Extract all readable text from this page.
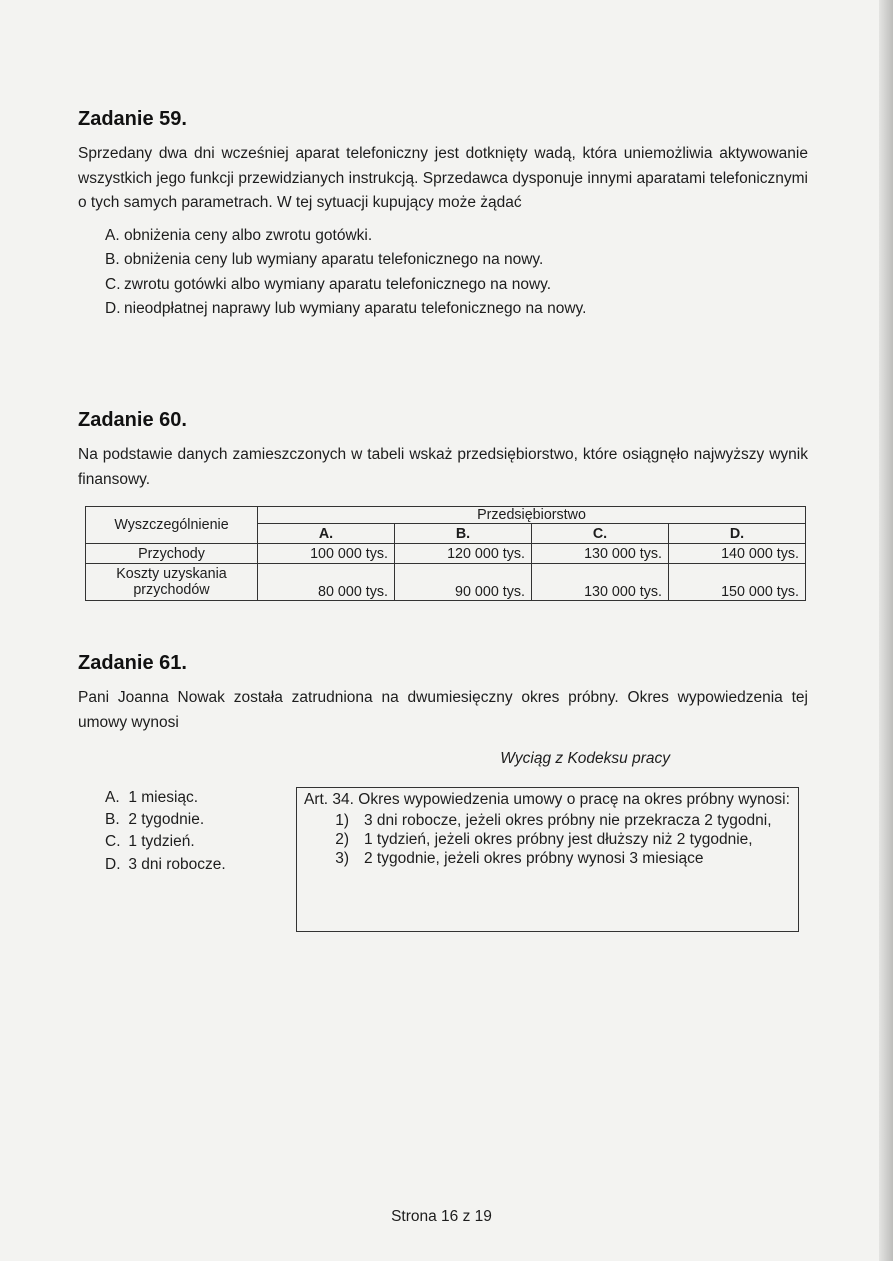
Zadanie 59.

Sprzedany dwa dni wcześniej aparat telefoniczny jest dotknięty wadą, która uniemożliwia aktywowanie wszystkich jego funkcji przewidzianych instrukcją. Sprzedawca dysponuje innymi aparatami telefonicznymi o tych samych parametrach. W tej sytuacji kupujący może żądać

A. obniżenia ceny albo zwrotu gotówki.
B. obniżenia ceny lub wymiany aparatu telefonicznego na nowy.
C. zwrotu gotówki albo wymiany aparatu telefonicznego na nowy.
D. nieodpłatnej naprawy lub wymiany aparatu telefonicznego na nowy.
Zadanie 60.

Na podstawie danych zamieszczonych w tabeli wskaż przedsiębiorstwo, które osiągnęło najwyższy wynik finansowy.

Wyszczególnienie	Przedsiębiorstwo			
	A.	B.	C.	D.
Przychody	100 000 tys.	120 000 tys.	130 000 tys.	140 000 tys.
Koszty uzyskania przychodów	80 000 tys.	90 000 tys.	130 000 tys.	150 000 tys.
Zadanie 61.

Pani Joanna Nowak została zatrudniona na dwumiesięczny okres próbny. Okres wypowiedzenia tej umowy wynosi

Wyciąg z Kodeksu pracy
A. 1 miesiąc.
B. 2 tygodnie.
C. 1 tydzień.
D. 3 dni robocze.

Art. 34. Okres wypowiedzenia umowy o pracę na okres próbny wynosi:

1) 3 dni robocze, jeżeli okres próbny nie przekracza 2 tygodni,
2) 1 tydzień, jeżeli okres próbny jest dłuższy niż 2 tygodnie,
3) 2 tygodnie, jeżeli okres próbny wynosi 3 miesiące
Strona 16 z 19
